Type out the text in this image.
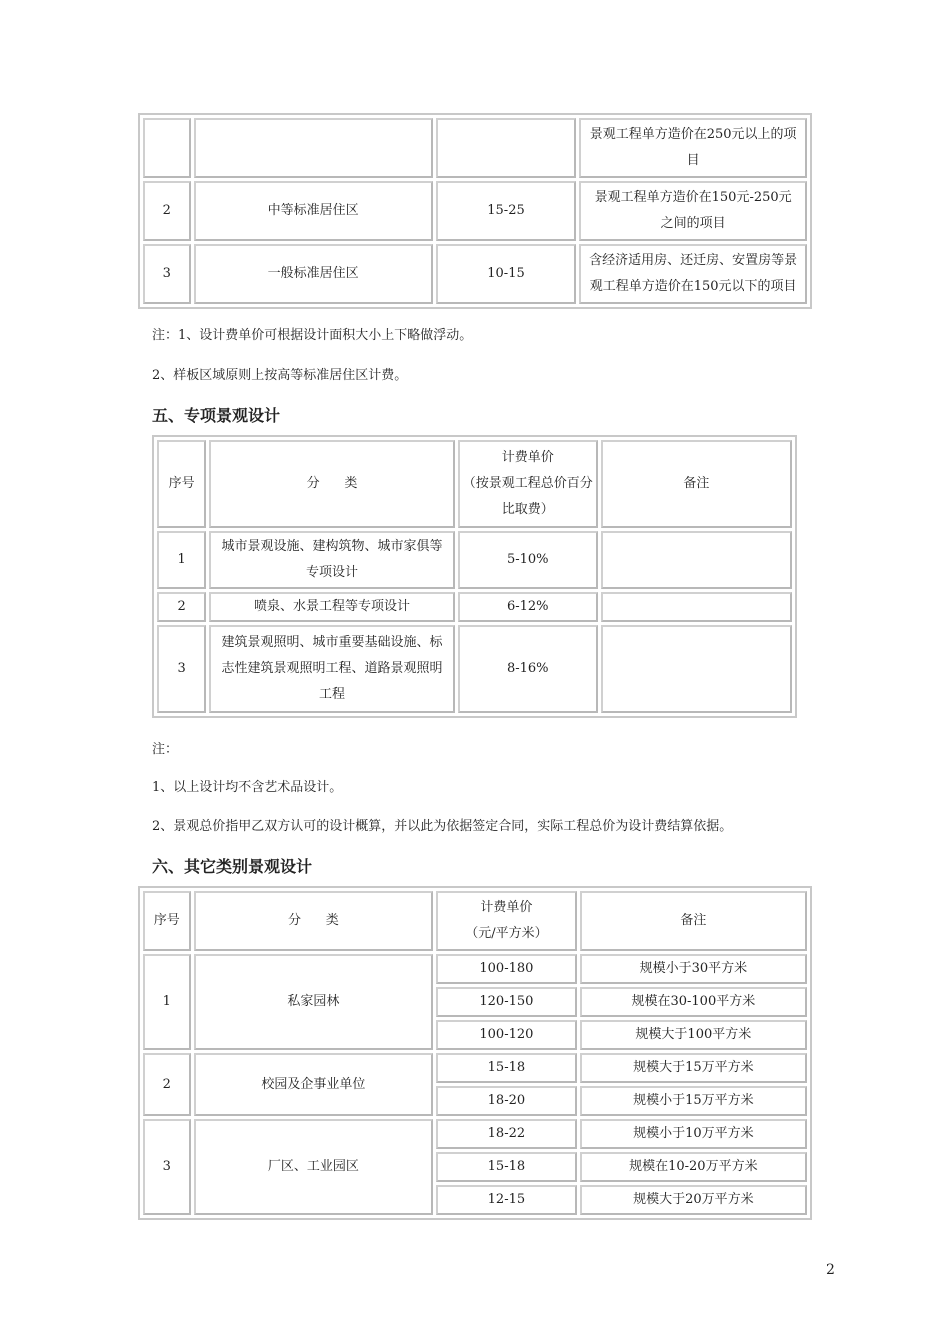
			景观工程单方造价在250元以上的项
目

2	中等标准居住区	15-25	景观工程单方造价在150元-250元
之间的项目

3	一般标准居住区	10-15	含经济适用房、还迁房、安置房等景
观工程单方造价在150元以下的项目
注：1、设计费单价可根据设计面积大小上下略做浮动。
2、样板区域原则上按高等标准居住区计费。
五、专项景观设计
序号	分      类	计费单价
（按景观工程总价百分
比取费）	备注
1	城市景观设施、建构筑物、城市家俱等
专项设计	5-10%	
2	喷泉、水景工程等专项设计	6-12%	
3	建筑景观照明、城市重要基础设施、标
志性建筑景观照明工程、道路景观照明
工程	8-16%	
注：
1、以上设计均不含艺术品设计。
2、景观总价指甲乙双方认可的设计概算，并以此为依据签定合同，实际工程总价为设计费结算依据。
六、其它类别景观设计
序号	分      类	计费单价
（元/平方米）	备注
1	私家园林	100-180	规模小于30平方米
		120-150	规模在30-100平方米
		100-120	规模大于100平方米
2	校园及企事业单位	15-18	规模大于15万平方米
		18-20	规模小于15万平方米
3	厂区、工业园区	18-22	规模小于10万平方米
		15-18	规模在10-20万平方米
		12-15	规模大于20万平方米
2
